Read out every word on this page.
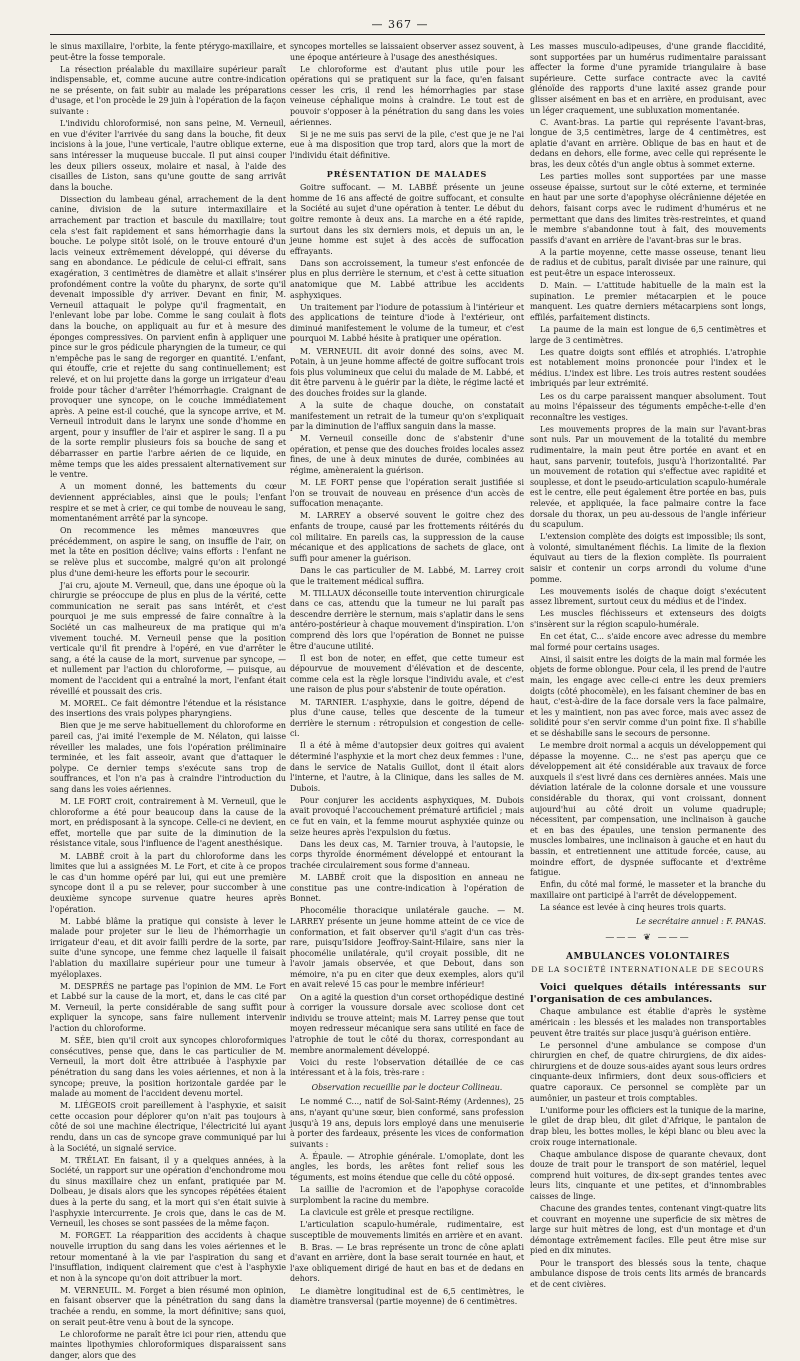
— 367 —

le sinus maxillaire, l'orbite, la fente ptérygo-maxillaire, et peut-être la fosse temporale.

La résection préalable du maxillaire supérieur paraît indispensable, et, comme aucune autre contre-indication ne se présente, on fait subir au malade les préparations d'usage, et l'on procède le 29 juin à l'opération de la façon suivante :

L'individu chloroformisé, non sans peine, M. Verneuil, en vue d'éviter l'arrivée du sang dans la bouche, fit deux incisions à la joue, l'une verticale, l'autre oblique externe, sans intéresser la muqueuse buccale. Il put ainsi couper les deux piliers osseux, molaire et nasal, à l'aide des cisailles de Liston, sans qu'une goutte de sang arrivât dans la bouche.

Dissection du lambeau génal, arrachement de la dent canine, division de la suture intermaxillaire et arrachement par traction et bascule du maxillaire; tout cela s'est fait rapidement et sans hémorrhagie dans la bouche. Le polype sitôt isolé, on le trouve entouré d'un lacis veineux extrêmement développé, qui déverse du sang en abondance. Le pédicule de celui-ci effrait, sans exagération, 3 centimètres de diamètre et allait s'insérer profondément contre la voûte du pharynx, de sorte qu'il devenait impossible d'y arriver. Devant en finir, M. Verneuil attaquait le polype qu'il fragmentait, en l'enlevant lobe par lobe. Comme le sang coulait à flots dans la bouche, on appliquait au fur et à mesure des éponges compressives. On parvient enfin à appliquer une pince sur le gros pédicule pharyngien de la tumeur, ce qui n'empêche pas le sang de regorger en quantité. L'enfant, qui étouffe, crie et rejette du sang continuellement; est relevé, et on lui projette dans la gorge un irrigateur d'eau froide pour tâcher d'arrêter l'hémorrhagie. Craignant de provoquer une syncope, on le couche immédiatement après. A peine est-il couché, que la syncope arrive, et M. Verneuil introduit dans le larynx une sonde d'homme en argent, pour y insuffler de l'air et aspirer le sang. Il a pu de la sorte remplir plusieurs fois sa bouche de sang et débarrasser en partie l'arbre aérien de ce liquide, en même temps que les aides pressaient alternativement sur le ventre.

A un moment donné, les battements du cœur deviennent appréciables, ainsi que le pouls; l'enfant respire et se met à crier, ce qui tombe de nouveau le sang, momentanément arrêté par la syncope.

On recommence les mêmes manœuvres que précédemment, on aspire le sang, on insuffle de l'air, on met la tête en position déclive; vains efforts : l'enfant ne se relève plus et succombe, malgré qu'on ait prolongé plus d'une demi-heure les efforts pour le secourir.

J'ai cru, ajoute M. Verneuil, que, dans une époque où la chirurgie se préoccupe de plus en plus de la vérité, cette communication ne serait pas sans intérêt, et c'est pourquoi je me suis empressé de faire connaître à la Société un cas malheureux de ma pratique qui m'a vivement touché. M. Verneuil pense que la position verticale qu'il fit prendre à l'opéré, en vue d'arrêter le sang, a été la cause de la mort, survenue par syncope, — et nullement par l'action du chloroforme, — puisque, au moment de l'accident qui a entraîné la mort, l'enfant était réveillé et poussait des cris.

M. MOREL. Ce fait démontre l'étendue et la résistance des insertions des vrais polypes pharyngiens.

Bien que je me serve habituellement du chloroforme en pareil cas, j'ai imité l'exemple de M. Nélaton, qui laisse réveiller les malades, une fois l'opération préliminaire terminée, et les fait asseoir, avant que d'attaquer le polype. Ce dernier temps s'exécute sans trop de souffrances, et l'on n'a pas à craindre l'introduction du sang dans les voies aériennes.

M. LE FORT croit, contrairement à M. Verneuil, que le chloroforme a été pour beaucoup dans la cause de la mort, en prédisposant à la syncope. Celle-ci ne devient, en effet, mortelle que par suite de la diminution de la résistance vitale, sous l'influence de l'agent anesthésique.

M. LABBÉ croit à la part du chloroforme dans les limites que lui a assignées M. Le Fort, et cite à ce propos le cas d'un homme opéré par lui, qui eut une première syncope dont il a pu se relever, pour succomber à une deuxième syncope survenue quatre heures après l'opération.

M. Labbé blâme la pratique qui consiste à lever le malade pour projeter sur le lieu de l'hémorrhagie un irrigateur d'eau, et dit avoir failli perdre de la sorte, par suite d'une syncope, une femme chez laquelle il faisait l'ablation du maxillaire supérieur pour une tumeur à myéloplaxes.

M. DESPRÉS ne partage pas l'opinion de MM. Le Fort et Labbé sur la cause de la mort, et, dans le cas cité par M. Verneuil, la perte considérable de sang suffit pour expliquer la syncope, sans faire nullement intervenir l'action du chloroforme.

M. SÉE, bien qu'il croit aux syncopes chloroformiques consécutives, pense que, dans le cas particulier de M. Verneuil, la mort doit être attribuée à l'asphyxie par pénétration du sang dans les voies aériennes, et non à la syncope; preuve, la position horizontale gardée par le malade au moment de l'accident devenu mortel.

M. LIÉGEOIS croit pareillement à l'asphyxie, et saisit cette occasion pour déplorer qu'on n'ait pas toujours à côté de soi une machine électrique, l'électricité lui ayant rendu, dans un cas de syncope grave communiqué par lui à la Société, un signalé service.

M. TRÉLAT. En faisant, il y a quelques années, à la Société, un rapport sur une opération d'enchondrome mou du sinus maxillaire chez un enfant, pratiquée par M. Dolbeau, je disais alors que les syncopes répétées étaient dues à la perte du sang, et la mort qui s'en était suivie à l'asphyxie intercurrente. Je crois que, dans le cas de M. Verneuil, les choses se sont passées de la même façon.

M. FORGET. La réapparition des accidents à chaque nouvelle irruption du sang dans les voies aériennes et le retour momentané à la vie par l'aspiration du sang et l'insufflation, indiquent clairement que c'est à l'asphyxie et non à la syncope qu'on doit attribuer la mort.

M. VERNEUIL. M. Forget a bien résumé mon opinion, en faisant observer que la pénétration du sang dans la trachée a rendu, en somme, la mort définitive; sans quoi, on serait peut-être venu à bout de la syncope.

Le chloroforme ne paraît être ici pour rien, attendu que maintes lipothymies chloroformiques disparaissent sans danger, alors que des

syncopes mortelles se laissaient observer assez souvent, à une époque antérieure à l'usage des anesthésiques.

Le chloroforme est d'autant plus utile pour les opérations qui se pratiquent sur la face, qu'en faisant cesser les cris, il rend les hémorrhagies par stase veineuse céphalique moins à craindre. Le tout est de pouvoir s'opposer à la pénétration du sang dans les voies aériennes.

Si je ne me suis pas servi de la pile, c'est que je ne l'ai eue à ma disposition que trop tard, alors que la mort de l'individu était définitive.

PRÉSENTATION DE MALADES

Goitre suffocant. — M. LABBÉ présente un jeune homme de 16 ans affecté de goitre suffocant, et consulte la Société au sujet d'une opération à tenter. Le début du goitre remonte à deux ans. La marche en a été rapide, surtout dans les six derniers mois, et depuis un an, le jeune homme est sujet à des accès de suffocation effrayants.

Dans son accroissement, la tumeur s'est enfoncée de plus en plus derrière le sternum, et c'est à cette situation anatomique que M. Labbé attribue les accidents asphyxiques.

Un traitement par l'iodure de potassium à l'intérieur et des applications de teinture d'iode à l'extérieur, ont diminué manifestement le volume de la tumeur, et c'est pourquoi M. Labbé hésite à pratiquer une opération.

M. VERNEUIL dit avoir donné des soins, avec M. Potain, à un jeune homme affecté de goitre suffocant trois fois plus volumineux que celui du malade de M. Labbé, et dit être parvenu à le guérir par la diète, le régime lacté et des douches froides sur la glande.

A la suite de chaque douche, on constatait manifestement un retrait de la tumeur qu'on s'expliquait par la diminution de l'afflux sanguin dans la masse.

M. Verneuil conseille donc de s'abstenir d'une opération, et pense que des douches froides locales assez fines, de une à deux minutes de durée, combinées au régime, amèneraient la guérison.

M. LE FORT pense que l'opération serait justifiée si l'on se trouvait de nouveau en présence d'un accès de suffocation menaçante.

M. LARREY a observé souvent le goitre chez des enfants de troupe, causé par les frottements réitérés du col militaire. En pareils cas, la suppression de la cause mécanique et des applications de sachets de glace, ont suffi pour amener la guérison.

Dans le cas particulier de M. Labbé, M. Larrey croit que le traitement médical suffira.

M. TILLAUX déconseille toute intervention chirurgicale dans ce cas, attendu que la tumeur ne lui paraît pas descendre derrière le sternum, mais s'aplatir dans le sens antéro-postérieur à chaque mouvement d'inspiration. L'on comprend dès lors que l'opération de Bonnet ne puisse être d'aucune utilité.

Il est bon de noter, en effet, que cette tumeur est dépourvue de mouvement d'élévation et de descente, comme cela est la règle lorsque l'individu avale, et c'est une raison de plus pour s'abstenir de toute opération.

M. TARNIER. L'asphyxie, dans le goitre, dépend de plus d'une cause, telles que descente de la tumeur derrière le sternum : rétropulsion et congestion de celle-ci.

Il a été à même d'autopsier deux goitres qui avaient déterminé l'asphyxie et la mort chez deux femmes : l'une, dans le service de Natalis Guillot, dont il était alors l'interne, et l'autre, à la Clinique, dans les salles de M. Dubois.

Pour conjurer les accidents asphyxiques, M. Dubois avait provoqué l'accouchement prématuré artificiel ; mais ce fut en vain, et la femme mourut asphyxiée quinze ou seize heures après l'expulsion du fœtus.

Dans les deux cas, M. Tarnier trouva, à l'autopsie, le corps thyroïde énormément développé et entourant la trachée circulairement sous forme d'anneau.

M. LABBÉ croit que la disposition en anneau ne constitue pas une contre-indication à l'opération de Bonnet.

Phocomélie thoracique unilatérale gauche. — M. LARREY présente un jeune homme atteint de ce vice de conformation, et fait observer qu'il s'agit d'un cas très-rare, puisqu'Isidore Jeoffroy-Saint-Hilaire, sans nier la phocomélie unilatérale, qu'il croyait possible, dit ne l'avoir jamais observée, et que Debout, dans son mémoire, n'a pu en citer que deux exemples, alors qu'il en avait relevé 15 cas pour le membre inférieur!

On a agité la question d'un corset orthopédique destiné à corriger la voussure dorsale avec scoliose dont cet individu se trouve atteint; mais M. Larrey pense que tout moyen redresseur mécanique sera sans utilité en face de l'atrophie de tout le côté du thorax, correspondant au membre anormalement développé.

Voici du reste l'observation détaillée de ce cas intéressant et à la fois, très-rare :

Observation recueillie par le docteur Collineau.

Le nommé C..., natif de Sol-Saint-Rémy (Ardennes), 25 ans, n'ayant qu'une sœur, bien conformé, sans profession jusqu'à 19 ans, depuis lors employé dans une menuiserie à porter des fardeaux, présente les vices de conformation suivants :

A. Épaule. — Atrophie générale. L'omoplate, dont les angles, les bords, les arêtes font relief sous les téguments, est moins étendue que celle du côté opposé.

La saillie de l'acromion et de l'apophyse coracoïde surplombent la racine du membre.

La clavicule est grêle et presque rectiligne.

L'articulation scapulo-humérale, rudimentaire, est susceptible de mouvements limités en arrière et en avant.

B. Bras. — Le bras représente un tronc de cône aplati d'avant en arrière, dont la base serait tournée en haut, et l'axe obliquement dirigé de haut en bas et de dedans en dehors.

Le diamètre longitudinal est de 6,5 centimètres, le diamètre transversal (partie moyenne) de 6 centimètres.

Les masses musculo-adipeuses, d'une grande flaccidité, sont supportées par un humérus rudimentaire paraissant affecter la forme d'une pyramide triangulaire à base supérieure. Cette surface contracte avec la cavité glénoïde des rapports d'une laxité assez grande pour glisser aisément en bas et en arrière, en produisant, avec un léger craquement, une subluxation momentanée.

C. Avant-bras. La partie qui représente l'avant-bras, longue de 3,5 centimètres, large de 4 centimètres, est aplatie d'avant en arrière. Oblique de bas en haut et de dedans en dehors, elle forme, avec celle qui représente le bras, les deux côtés d'un angle obtus à sommet externe.

Les parties molles sont supportées par une masse osseuse épaisse, surtout sur le côté externe, et terminée en haut par une sorte d'apophyse olécrânienne déjetée en dehors, faisant corps avec le rudiment d'humérus et ne permettant que dans des limites très-restreintes, et quand le membre s'abandonne tout à fait, des mouvements passifs d'avant en arrière de l'avant-bras sur le bras.

A la partie moyenne, cette masse osseuse, tenant lieu de radius et de cubitus, paraît divisée par une rainure, qui est peut-être un espace interosseux.

D. Main. — L'attitude habituelle de la main est la supination. Le premier métacarpien et le pouce manquent. Les quatre derniers métacarpiens sont longs, effilés, parfaitement distincts.

La paume de la main est longue de 6,5 centimètres et large de 3 centimètres.

Les quatre doigts sont effilés et atrophiés. L'atrophie est notablement moins prononcée pour l'index et le médius. L'index est libre. Les trois autres restent soudées imbriqués par leur extrémité.

Les os du carpe paraissent manquer absolument. Tout au moins l'épaisseur des téguments empêche-t-elle d'en reconnaître les vestiges.

Les mouvements propres de la main sur l'avant-bras sont nuls. Par un mouvement de la totalité du membre rudimentaire, la main peut être portée en avant et en haut, sans parvenir, toutefois, jusqu'à l'horizontalité. Par un mouvement de rotation qui s'effectue avec rapidité et souplesse, et dont le pseudo-articulation scapulo-humérale est le centre, elle peut également être portée en bas, puis relevée, et appliquée, la face palmaire contre la face dorsale du thorax, un peu au-dessous de l'angle inférieur du scapulum.

L'extension complète des doigts est impossible; ils sont, à volonté, simultanément fléchis. La limite de la flexion équivaut au tiers de la flexion complète. Ils pourraient saisir et contenir un corps arrondi du volume d'une pomme.

Les mouvements isolés de chaque doigt s'exécutent assez librement, surtout ceux du médius et de l'index.

Les muscles fléchisseurs et extenseurs des doigts s'insèrent sur la région scapulo-humérale.

En cet état, C... s'aide encore avec adresse du membre mal formé pour certains usages.

Ainsi, il saisit entre les doigts de la main mal formée les objets de forme oblongue. Pour cela, il les prend de l'autre main, les engage avec celle-ci entre les deux premiers doigts (côté phocomèle), en les faisant cheminer de bas en haut, c'est-à-dire de la face dorsale vers la face palmaire, et les y maintient, non pas avec force, mais avec assez de solidité pour s'en servir comme d'un point fixe. Il s'habille et se déshabille sans le secours de personne.

Le membre droit normal a acquis un développement qui dépasse la moyenne. C... ne s'est pas aperçu que ce développement ait été considérable aux travaux de force auxquels il s'est livré dans ces dernières années. Mais une déviation latérale de la colonne dorsale et une voussure considérable du thorax, qui vont croissant, donnent aujourd'hui au côté droit un volume quadruple; nécessitent, par compensation, une inclinaison à gauche et en bas des épaules, une tension permanente des muscles lombaires, une inclinaison à gauche et en haut du bassin, et entretiennent une attitude forcée, cause, au moindre effort, de dyspnée suffocante et d'extrême fatigue.

Enfin, du côté mal formé, le masseter et la branche du maxillaire ont participé à l'arrêt de développement.

La séance est levée à cinq heures trois quarts.

Le secrétaire annuel : F. PANAS.
——— ❦ ———
AMBULANCES VOLONTAIRES
DE LA SOCIÉTÉ INTERNATIONALE DE SECOURS

Voici quelques détails intéressants sur l'organisation de ces ambulances.

Chaque ambulance est établie d'après le système américain : les blessés et les malades non transportables peuvent être traités sur place jusqu'à guérison entière.

Le personnel d'une ambulance se compose d'un chirurgien en chef, de quatre chirurgiens, de dix aides-chirurgiens et de douze sous-aides ayant sous leurs ordres cinquante-deux infirmiers, dont deux sous-officiers et quatre caporaux. Ce personnel se complète par un aumônier, un pasteur et trois comptables.

L'uniforme pour les officiers est la tunique de la marine, le gilet de drap bleu, dit gilet d'Afrique, le pantalon de drap bleu, les bottes molles, le képi blanc ou bleu avec la croix rouge internationale.

Chaque ambulance dispose de quarante chevaux, dont douze de trait pour le transport de son matériel, lequel comprend huit voitures, de dix-sept grandes tentes avec leurs lits, cinquante et une petites, et d'innombrables caisses de linge.

Chacune des grandes tentes, contenant vingt-quatre lits et couvrant en moyenne une superficie de six mètres de large sur huit mètres de long, est d'un montage et d'un démontage extrêmement faciles. Elle peut être mise sur pied en dix minutes.

Pour le transport des blessés sous la tente, chaque ambulance dispose de trois cents lits armés de brancards et de cent civières.
